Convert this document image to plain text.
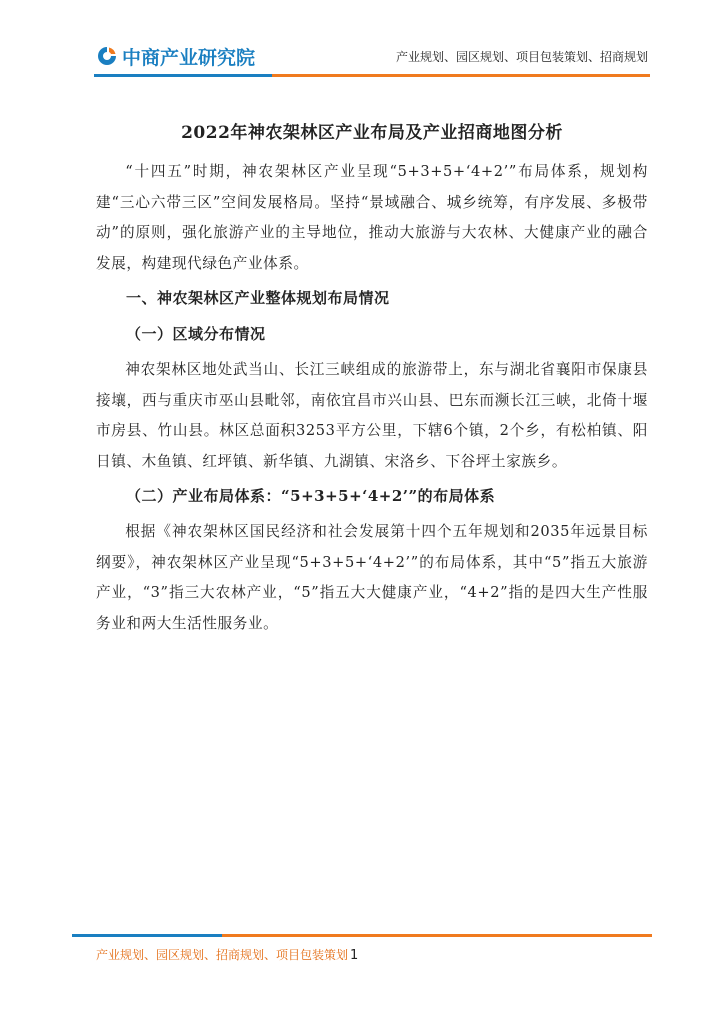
中商产业研究院	产业规划、园区规划、项目包装策划、招商规划
2022年神农架林区产业布局及产业招商地图分析

“十四五”时期，神农架林区产业呈现“5+3+5+‘4+2’”布局体系，规划构建“三心六带三区”空间发展格局。坚持“景域融合、城乡统筹，有序发展、多极带动”的原则，强化旅游产业的主导地位，推动大旅游与大农林、大健康产业的融合发展，构建现代绿色产业体系。

一、神农架林区产业整体规划布局情况
（一）区域分布情况

神农架林区地处武当山、长江三峡组成的旅游带上，东与湖北省襄阳市保康县接壤，西与重庆市巫山县毗邻，南依宜昌市兴山县、巴东而濒长江三峡，北倚十堰市房县、竹山县。林区总面积3253平方公里，下辖6个镇，2个乡，有松柏镇、阳日镇、木鱼镇、红坪镇、新华镇、九湖镇、宋洛乡、下谷坪土家族乡。

（二）产业布局体系：“5+3+5+‘4+2’”的布局体系

根据《神农架林区国民经济和社会发展第十四个五年规划和2035年远景目标纲要》，神农架林区产业呈现“5+3+5+‘4+2’”的布局体系，其中“5”指五大旅游产业，“3”指三大农林产业，“5”指五大大健康产业，“4+2”指的是四大生产性服务业和两大生活性服务业。

产业规划、园区规划、招商规划、项目包装策划 1
